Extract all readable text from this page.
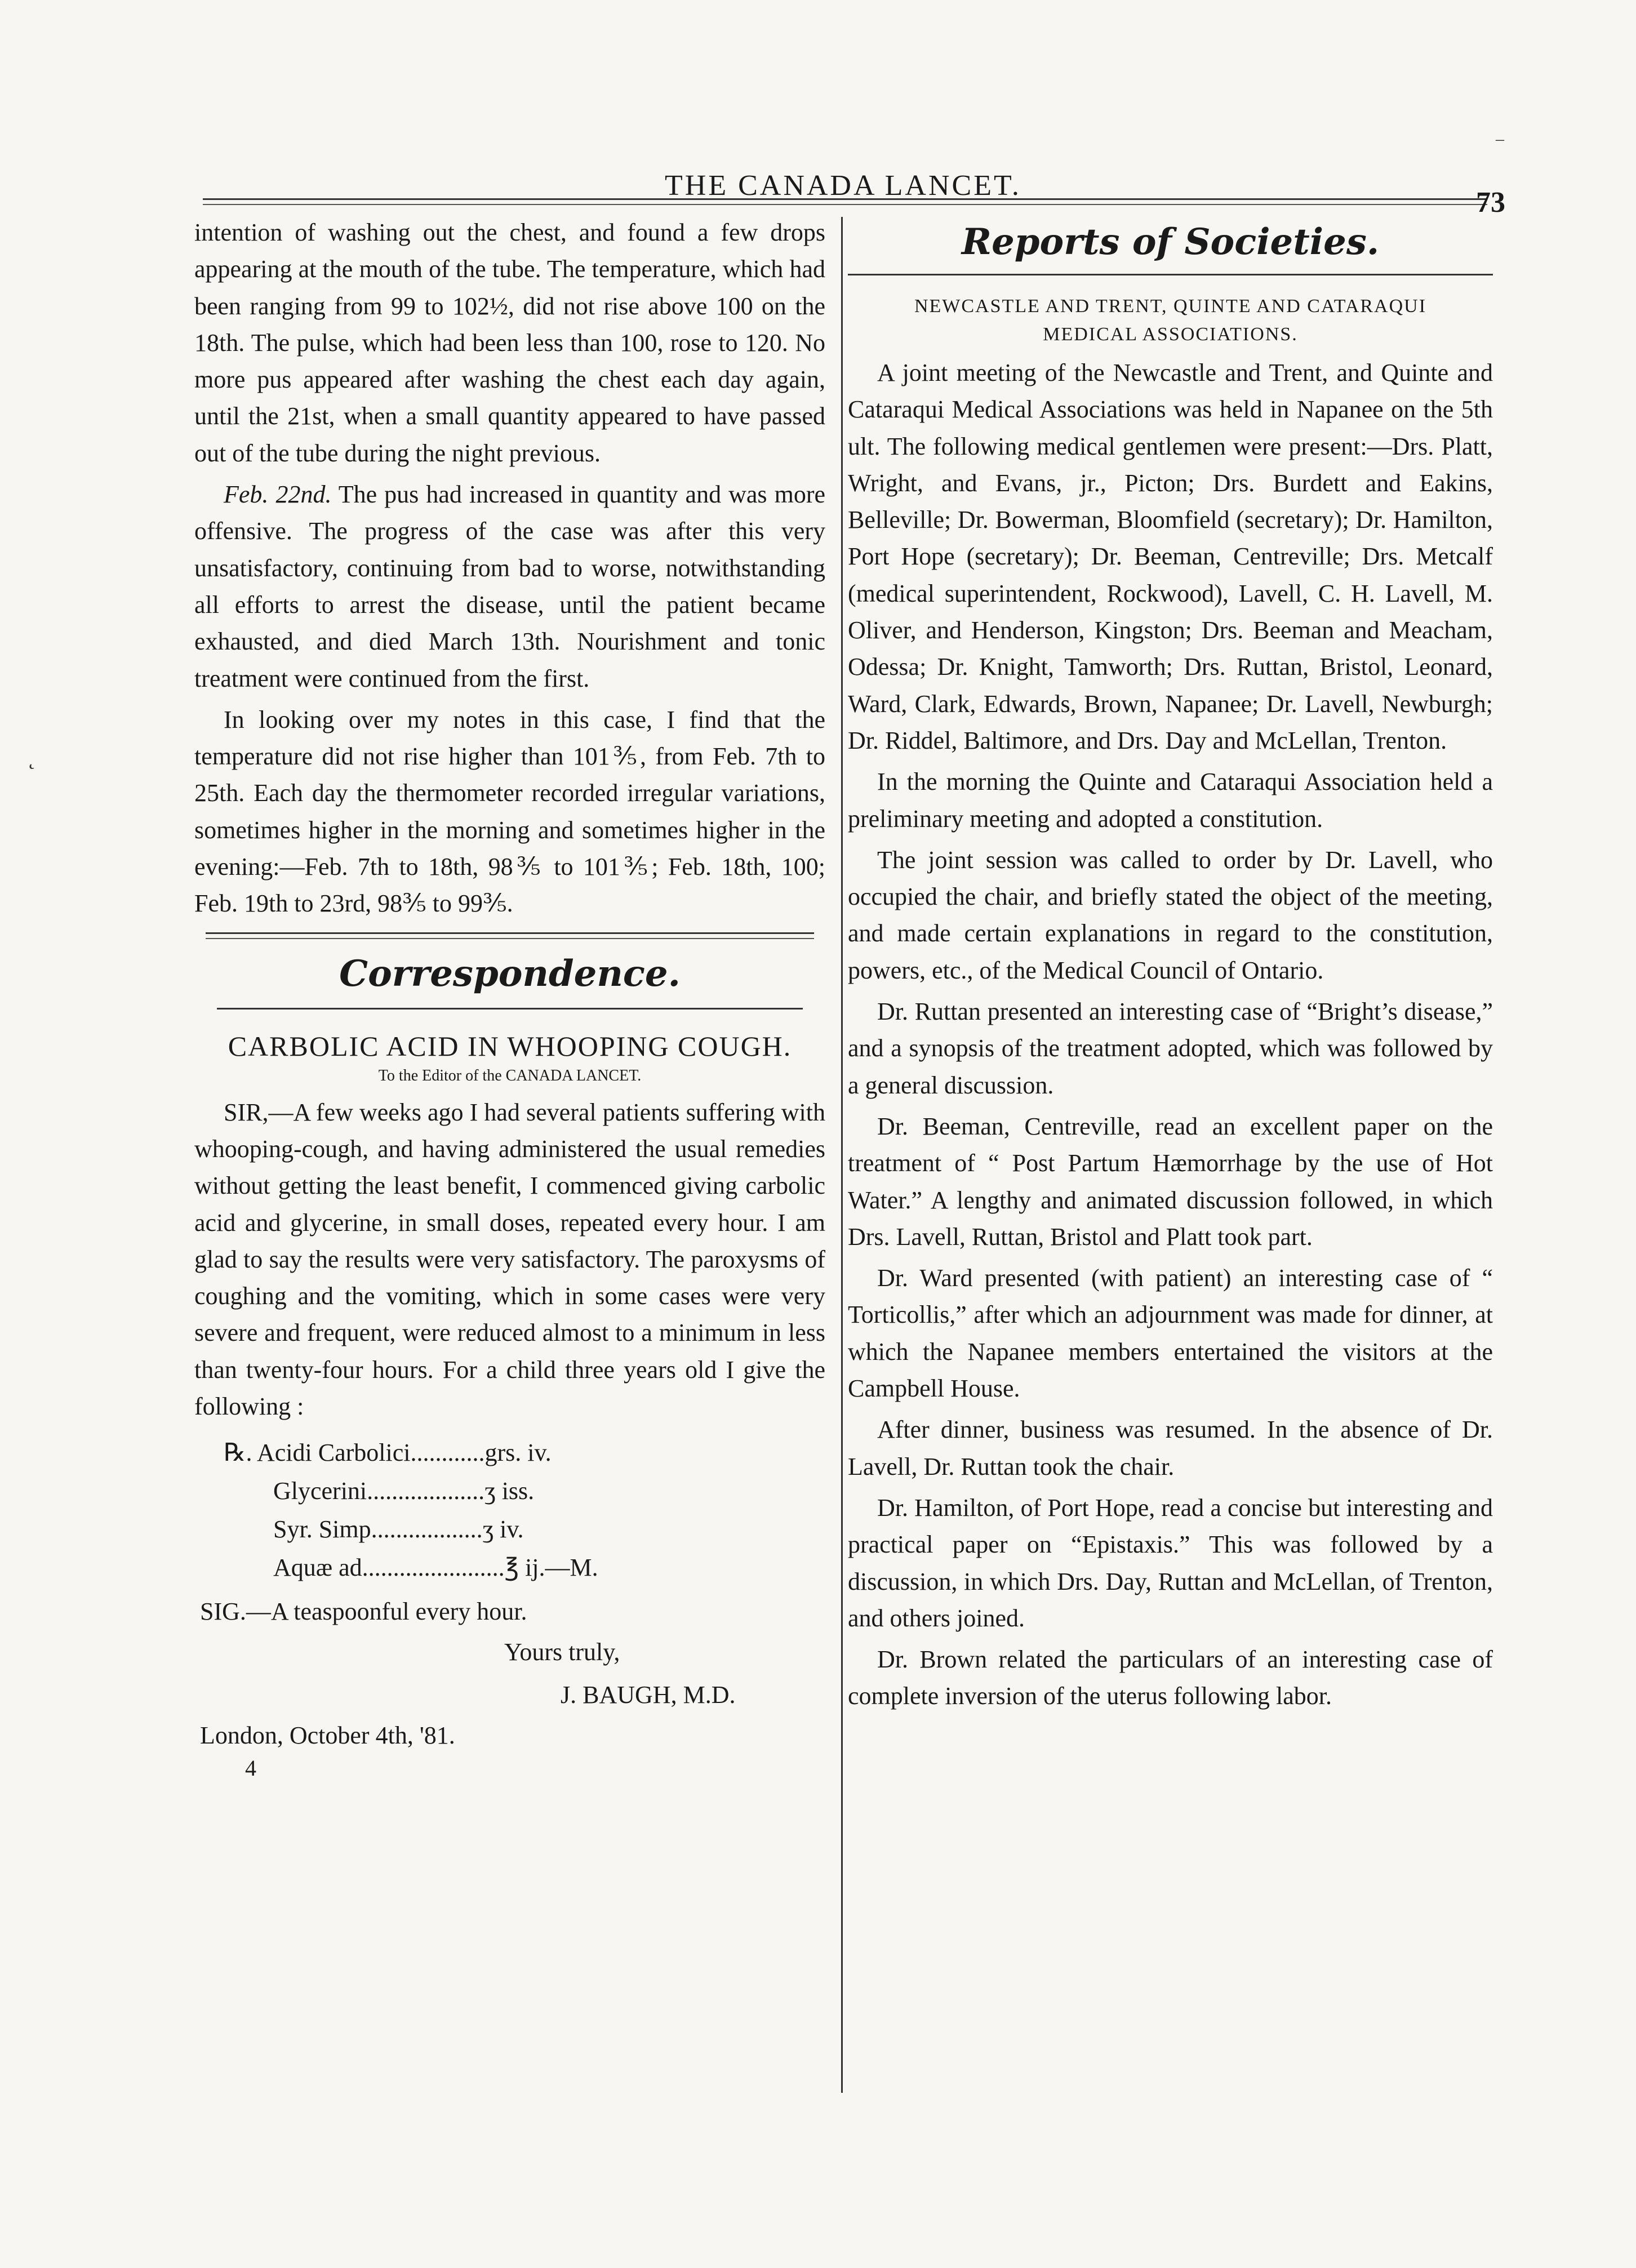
THE CANADA LANCET.
73

intention of washing out the chest, and found a few drops appearing at the mouth of the tube. The temperature, which had been ranging from 99 to 102½, did not rise above 100 on the 18th. The pulse, which had been less than 100, rose to 120. No more pus appeared after washing the chest each day again, until the 21st, when a small quantity appeared to have passed out of the tube during the night previous.

Feb. 22nd. The pus had increased in quantity and was more offensive. The progress of the case was after this very unsatisfactory, continuing from bad to worse, notwithstanding all efforts to arrest the disease, until the patient became exhausted, and died March 13th. Nourishment and tonic treatment were continued from the first.

In looking over my notes in this case, I find that the temperature did not rise higher than 101⅗, from Feb. 7th to 25th. Each day the thermometer recorded irregular variations, sometimes higher in the morning and sometimes higher in the evening:—Feb. 7th to 18th, 98⅗ to 101⅗; Feb. 18th, 100; Feb. 19th to 23rd, 98⅗ to 99⅗.

Correspondence.
CARBOLIC ACID IN WHOOPING COUGH.
To the Editor of the CANADA LANCET.

SIR,—A few weeks ago I had several patients suffering with whooping-cough, and having administered the usual remedies without getting the least benefit, I commenced giving carbolic acid and glycerine, in small doses, repeated every hour. I am glad to say the results were very satisfactory. The paroxysms of coughing and the vomiting, which in some cases were very severe and frequent, were reduced almost to a minimum in less than twenty-four hours. For a child three years old I give the following :

℞. Acidi Carbolici............grs. iv.
Glycerini...................ʒ iss.
Syr. Simp..................ʒ iv.
Aquæ ad.......................℥ ij.—M.
SIG.—A teaspoonful every hour.
Yours truly,
J. BAUGH, M.D.
London, October 4th, '81.
4
Reports of Societies.
NEWCASTLE AND TRENT, QUINTE AND CATARAQUI
MEDICAL ASSOCIATIONS.

A joint meeting of the Newcastle and Trent, and Quinte and Cataraqui Medical Associations was held in Napanee on the 5th ult. The following medical gentlemen were present:—Drs. Platt, Wright, and Evans, jr., Picton; Drs. Burdett and Eakins, Belleville; Dr. Bowerman, Bloomfield (secretary); Dr. Hamilton, Port Hope (secretary); Dr. Beeman, Centreville; Drs. Metcalf (medical superintendent, Rockwood), Lavell, C. H. Lavell, M. Oliver, and Henderson, Kingston; Drs. Beeman and Meacham, Odessa; Dr. Knight, Tamworth; Drs. Ruttan, Bristol, Leonard, Ward, Clark, Edwards, Brown, Napanee; Dr. Lavell, Newburgh; Dr. Riddel, Baltimore, and Drs. Day and McLellan, Trenton.

In the morning the Quinte and Cataraqui Association held a preliminary meeting and adopted a constitution.

The joint session was called to order by Dr. Lavell, who occupied the chair, and briefly stated the object of the meeting, and made certain explanations in regard to the constitution, powers, etc., of the Medical Council of Ontario.

Dr. Ruttan presented an interesting case of “Bright’s disease,” and a synopsis of the treatment adopted, which was followed by a general discussion.

Dr. Beeman, Centreville, read an excellent paper on the treatment of “ Post Partum Hæmorrhage by the use of Hot Water.” A lengthy and animated discussion followed, in which Drs. Lavell, Ruttan, Bristol and Platt took part.

Dr. Ward presented (with patient) an interesting case of “ Torticollis,” after which an adjournment was made for dinner, at which the Napanee members entertained the visitors at the Campbell House.

After dinner, business was resumed. In the absence of Dr. Lavell, Dr. Ruttan took the chair.

Dr. Hamilton, of Port Hope, read a concise but interesting and practical paper on “Epistaxis.” This was followed by a discussion, in which Drs. Day, Ruttan and McLellan, of Trenton, and others joined.

Dr. Brown related the particulars of an interesting case of complete inversion of the uterus following labor.

–
˛
